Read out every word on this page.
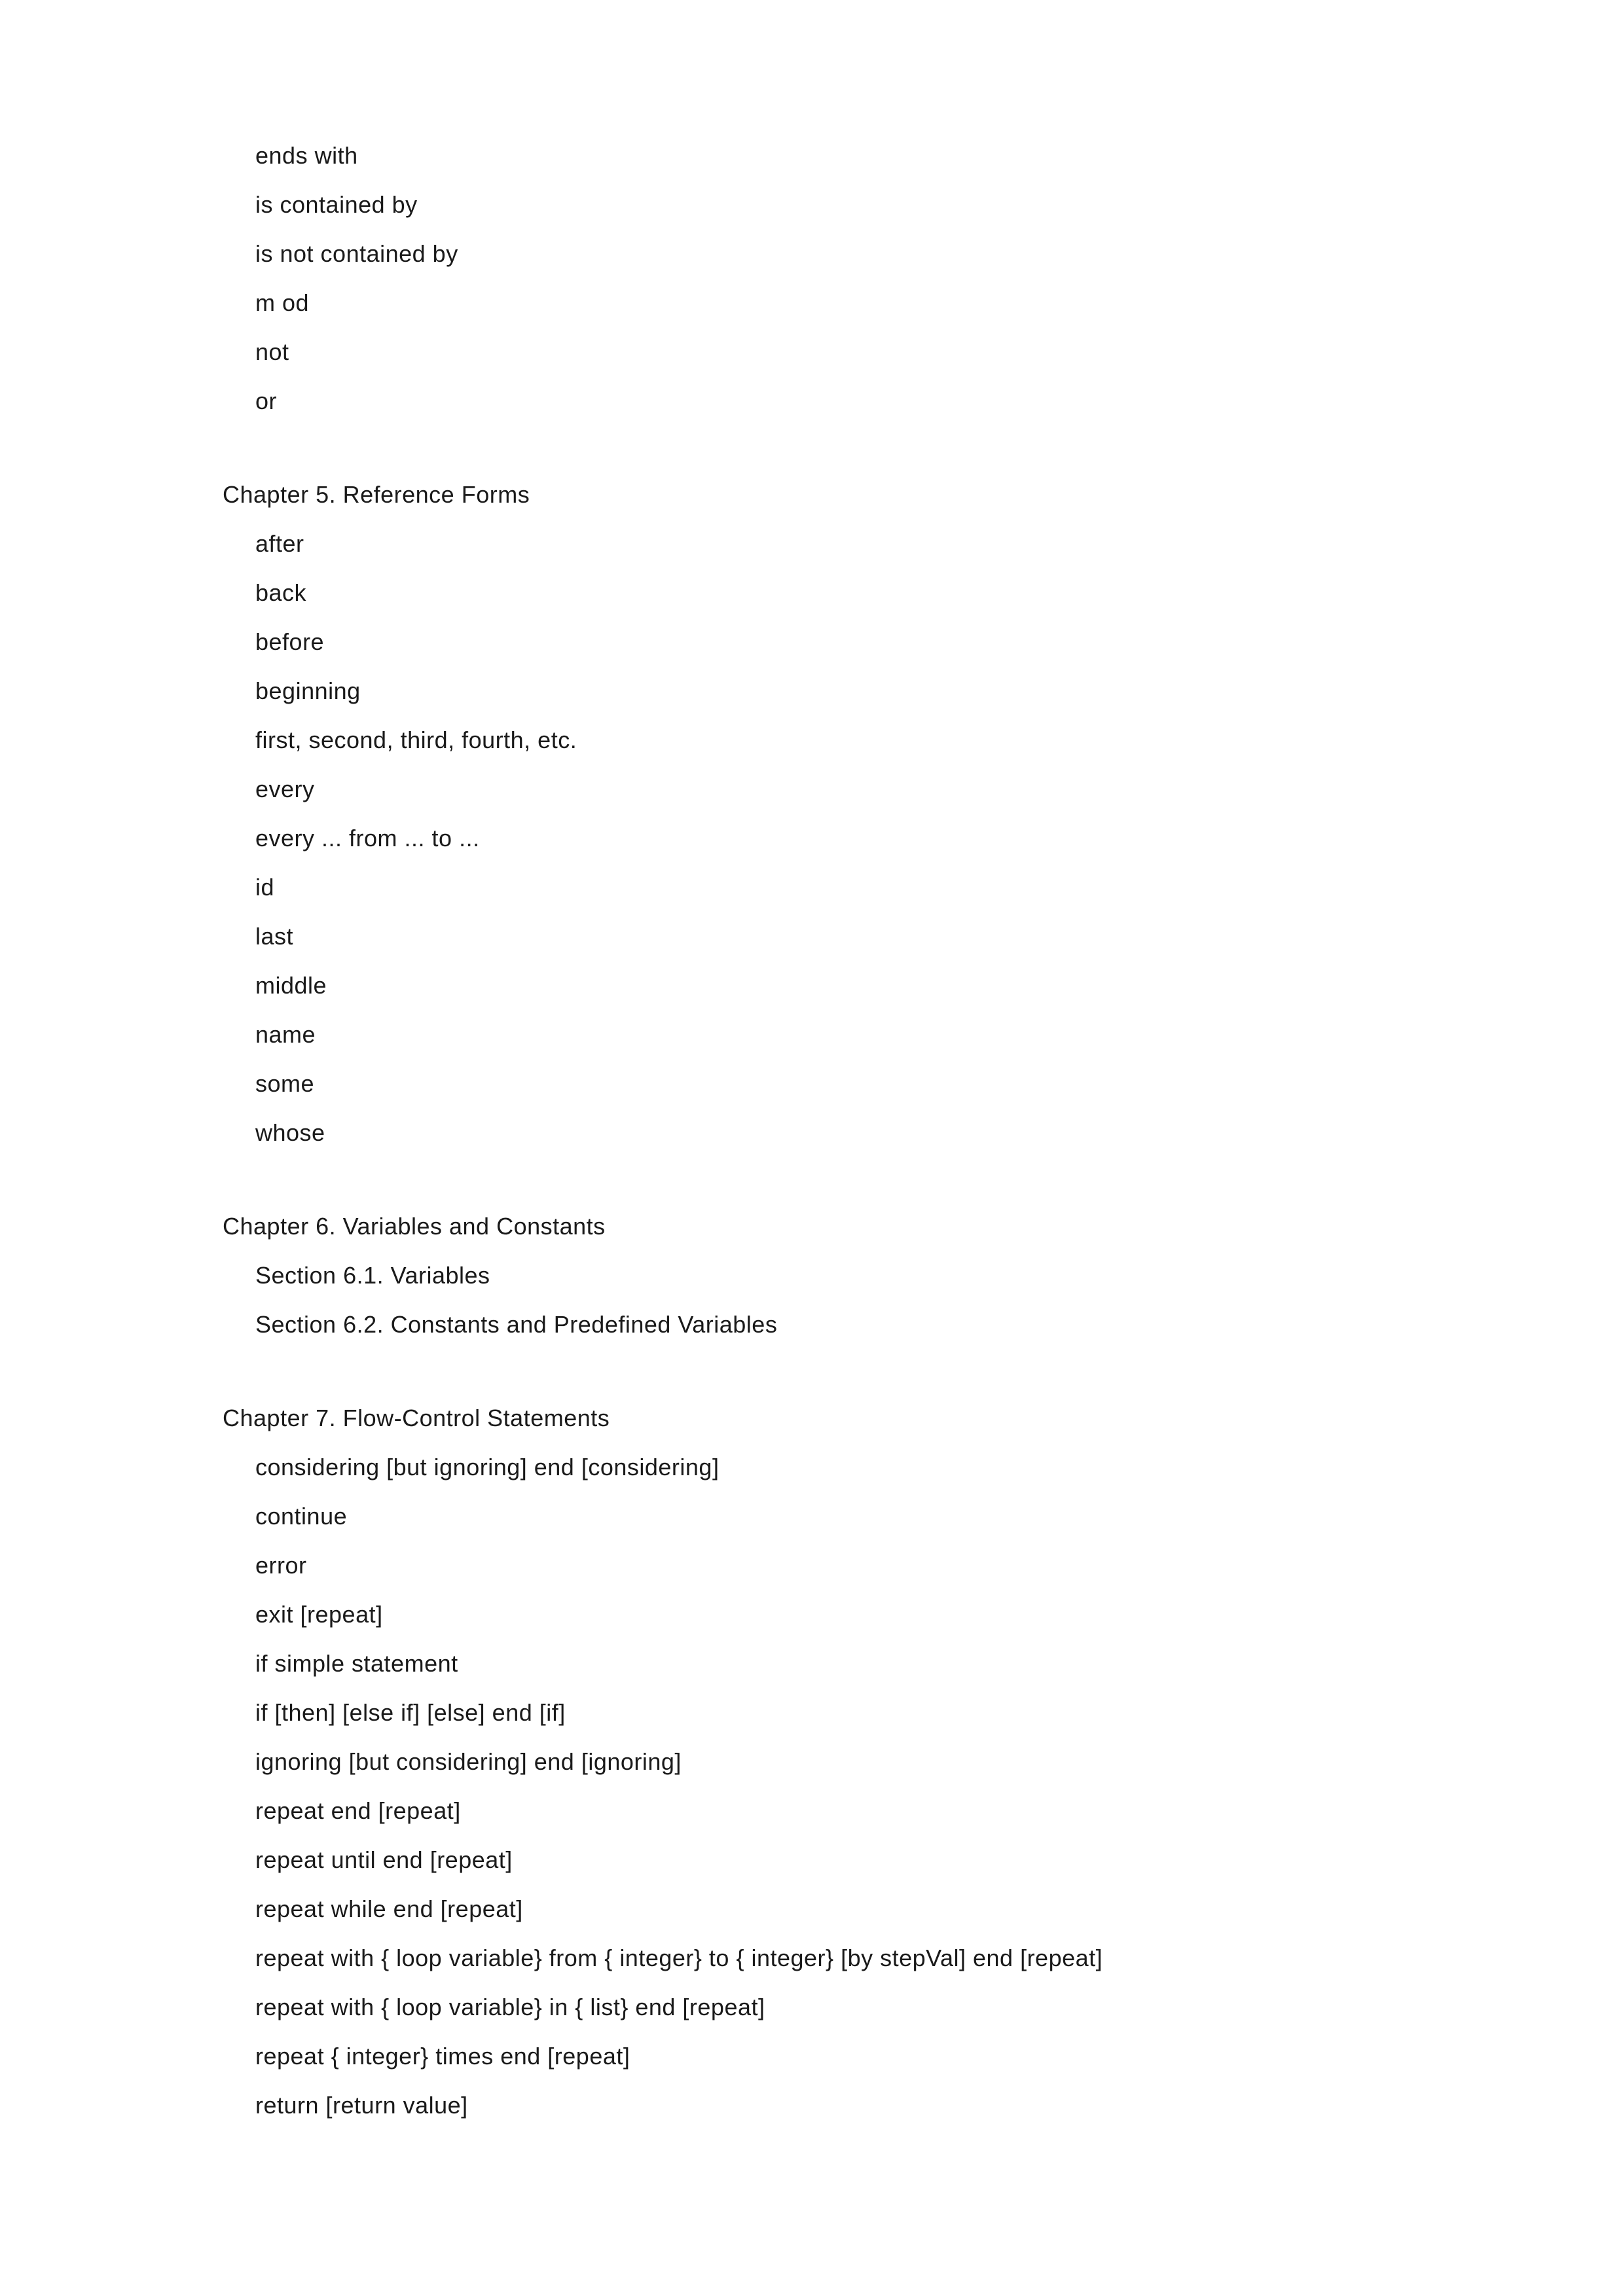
ends with
is contained by
is not contained by
m od
not
or
Chapter 5. Reference Forms
after
back
before
beginning
first, second, third, fourth, etc.
every
every ... from ... to ...
id
last
middle
name
some
whose
Chapter 6. Variables and Constants
Section 6.1. Variables
Section 6.2. Constants and Predefined Variables
Chapter 7. Flow-Control Statements
considering [but ignoring] end [considering]
continue
error
exit [repeat]
if simple statement
if [then] [else if] [else] end [if]
ignoring [but considering] end [ignoring]
repeat end [repeat]
repeat until end [repeat]
repeat while end [repeat]
repeat with { loop variable} from { integer} to { integer} [by stepVal] end [repeat]
repeat with { loop variable} in { list} end [repeat]
repeat { integer} times end [repeat]
return [return value]
